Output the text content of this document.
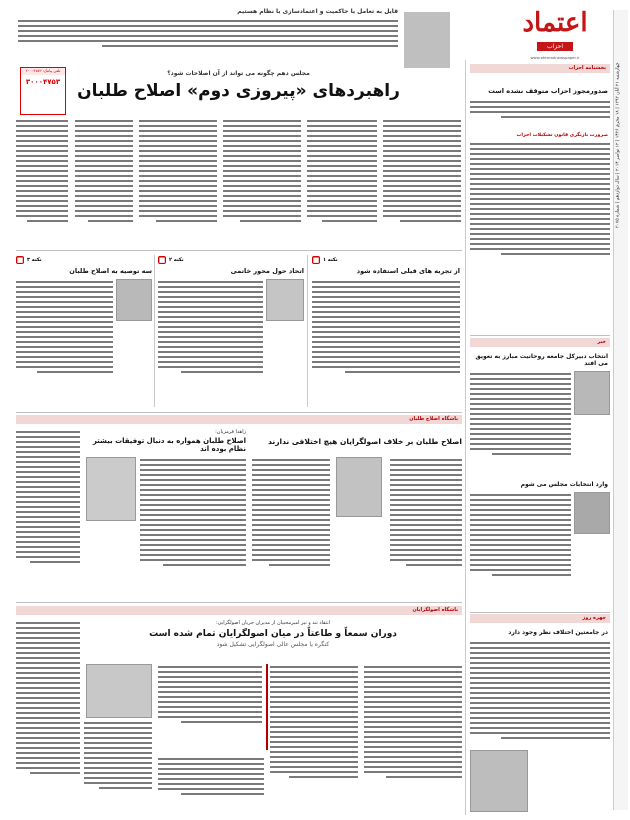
اعتماد
احزاب
www.etemadnewspaper.ir
چهارشنبه ۲۱ آبان ۱۳۹۳ | ۱۸ محرم ۱۴۳۶ | ۱۲ نوامبر ۲۰۱۴ | سال دوازدهم | شماره ۳۰۷۵
بخشنامه احزاب
صدورمجوز احزاب متوقف نشده است
ضرورت بازنگری قانون تشکیلات احزاب
خبر
انتخاب دبیرکل جامعه روحانیت مبارز به تعویق می افتد
وارد انتخابات مجلس می شوم
چهره روز
در جامعتین اختلاف نظر وجود دارد
قایل به تعامل با حاکمیت و اعتمادسازی با نظام هستیم
مجلس دهم چگونه می تواند از آن اصلاحات شود؟
راهبردهای «پیروزی دوم» اصلاح طلبان
تلفن پیامک: ۳۰۰۰۴۷۵۳
۳۰۰۰۴۷۵۳
نکته ۱
■
از تجربه های قبلی استفاده شود
نکته ۲
■
اتحاد حول محور خاتمی
نکته ۳
■
سه توصیه به اصلاح طلبان
باشگاه اصلاح طلبان
زاهدا فرمزیان:
اصلاح طلبان همواره به دنبال توفیقات بیشتر نظام بوده اند
اصلاح طلبان بر خلاف اصولگرایان هیچ اختلافی ندارند
باشگاه اصولگرایان
انتقاد تند و تیز امیرمحبیان از مدیران جریان اصولگرایی:
دوران سمعاً و طاعتاً در میان اصولگرایان تمام شده است
کنگره یا مجلس عالی اصولگرایی تشکیل شود
